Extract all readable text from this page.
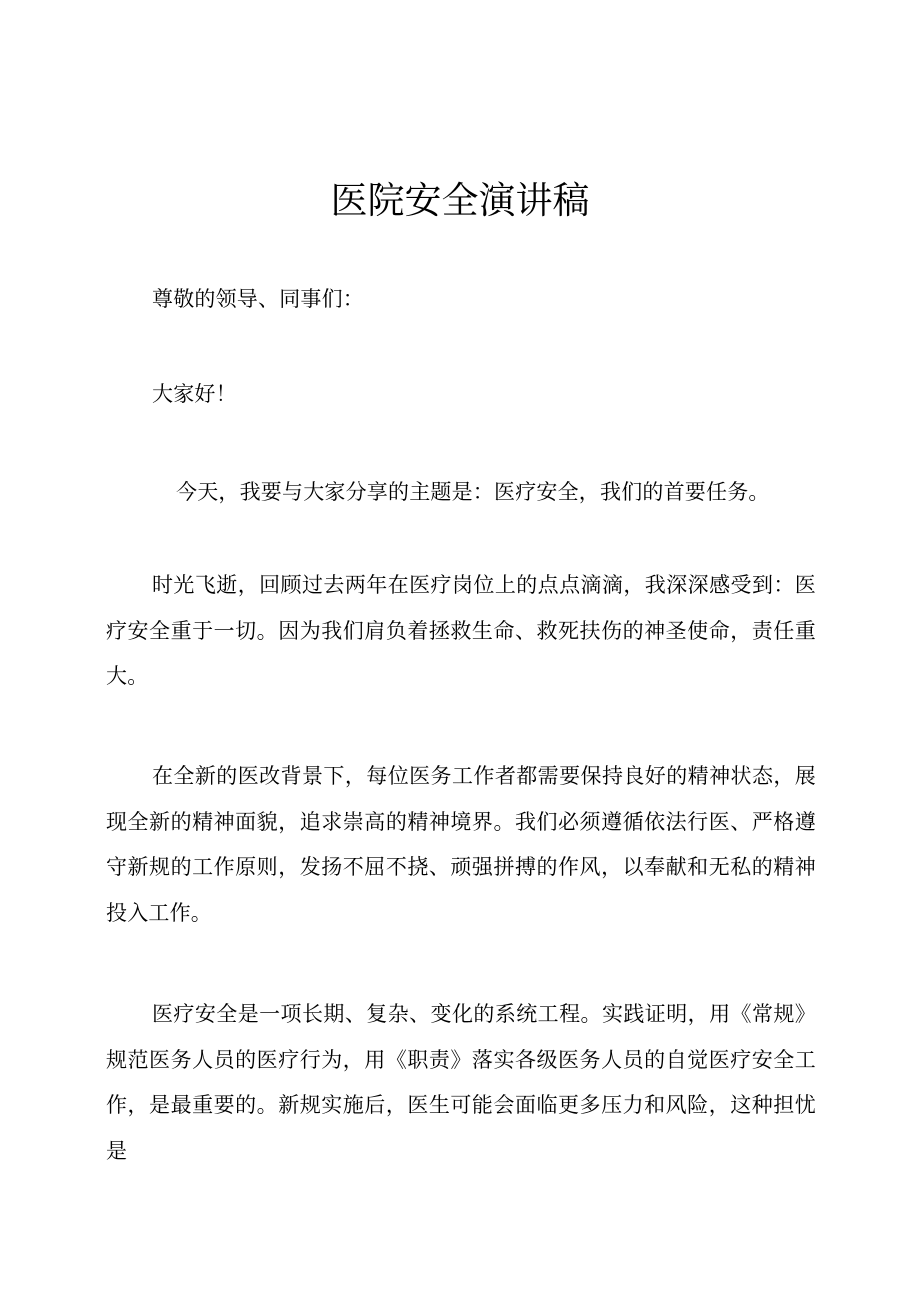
医院安全演讲稿

尊敬的领导、同事们：

大家好！

今天，我要与大家分享的主题是：医疗安全，我们的首要任务。

时光飞逝，回顾过去两年在医疗岗位上的点点滴滴，我深深感受到：医疗安全重于一切。因为我们肩负着拯救生命、救死扶伤的神圣使命，责任重大。

在全新的医改背景下，每位医务工作者都需要保持良好的精神状态，展现全新的精神面貌，追求崇高的精神境界。我们必须遵循依法行医、严格遵守新规的工作原则，发扬不屈不挠、顽强拼搏的作风，以奉献和无私的精神投入工作。

医疗安全是一项长期、复杂、变化的系统工程。实践证明，用《常规》规范医务人员的医疗行为，用《职责》落实各级医务人员的自觉医疗安全工作，是最重要的。新规实施后，医生可能会面临更多压力和风险，这种担忧是
